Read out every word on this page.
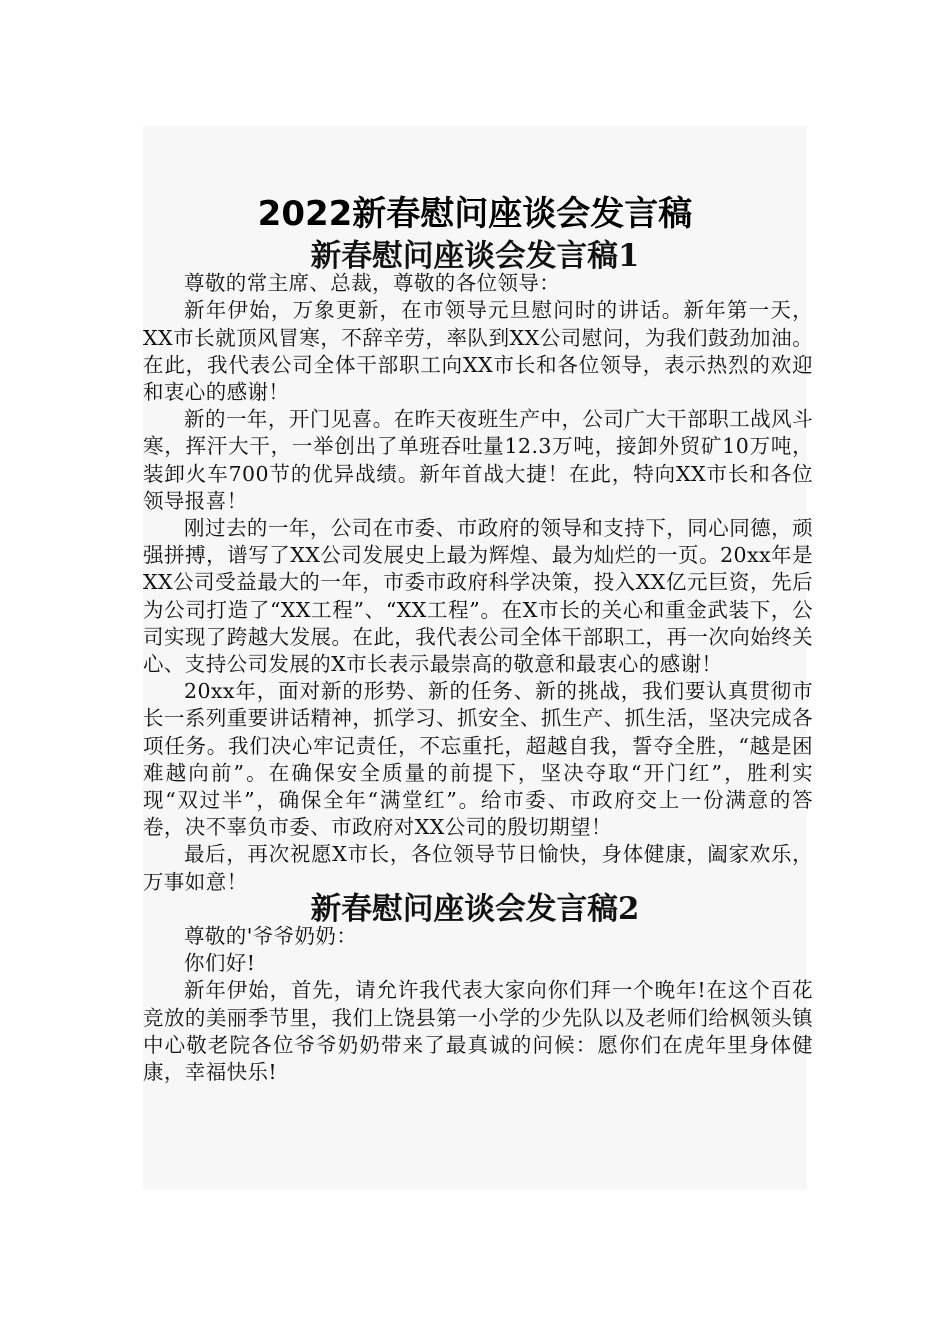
2022新春慰问座谈会发言稿
新春慰问座谈会发言稿1

尊敬的常主席、总裁，尊敬的各位领导：

新年伊始，万象更新，在市领导元旦慰问时的讲话。新年第一天，XX市长就顶风冒寒，不辞辛劳，率队到XX公司慰问，为我们鼓劲加油。在此，我代表公司全体干部职工向XX市长和各位领导，表示热烈的欢迎和衷心的感谢！

新的一年，开门见喜。在昨天夜班生产中，公司广大干部职工战风斗寒，挥汗大干，一举创出了单班吞吐量12.3万吨，接卸外贸矿10万吨，装卸火车700节的优异战绩。新年首战大捷！在此，特向XX市长和各位领导报喜！

刚过去的一年，公司在市委、市政府的领导和支持下，同心同德，顽强拼搏，谱写了XX公司发展史上最为辉煌、最为灿烂的一页。20xx年是XX公司受益最大的一年，市委市政府科学决策，投入XX亿元巨资，先后为公司打造了“XX工程”、“XX工程”。在X市长的关心和重金武装下，公司实现了跨越大发展。在此，我代表公司全体干部职工，再一次向始终关心、支持公司发展的X市长表示最崇高的敬意和最衷心的感谢！

20xx年，面对新的形势、新的任务、新的挑战，我们要认真贯彻市长一系列重要讲话精神，抓学习、抓安全、抓生产、抓生活，坚决完成各项任务。我们决心牢记责任，不忘重托，超越自我，誓夺全胜，“越是困难越向前”。在确保安全质量的前提下，坚决夺取“开门红”，胜利实现“双过半”，确保全年“满堂红”。给市委、市政府交上一份满意的答卷，决不辜负市委、市政府对XX公司的殷切期望！

最后，再次祝愿X市长，各位领导节日愉快，身体健康，阖家欢乐，万事如意！

新春慰问座谈会发言稿2

尊敬的'爷爷奶奶：

你们好!

新年伊始，首先，请允许我代表大家向你们拜一个晚年!在这个百花竞放的美丽季节里，我们上饶县第一小学的少先队以及老师们给枫领头镇中心敬老院各位爷爷奶奶带来了最真诚的问候：愿你们在虎年里身体健康，幸福快乐!
